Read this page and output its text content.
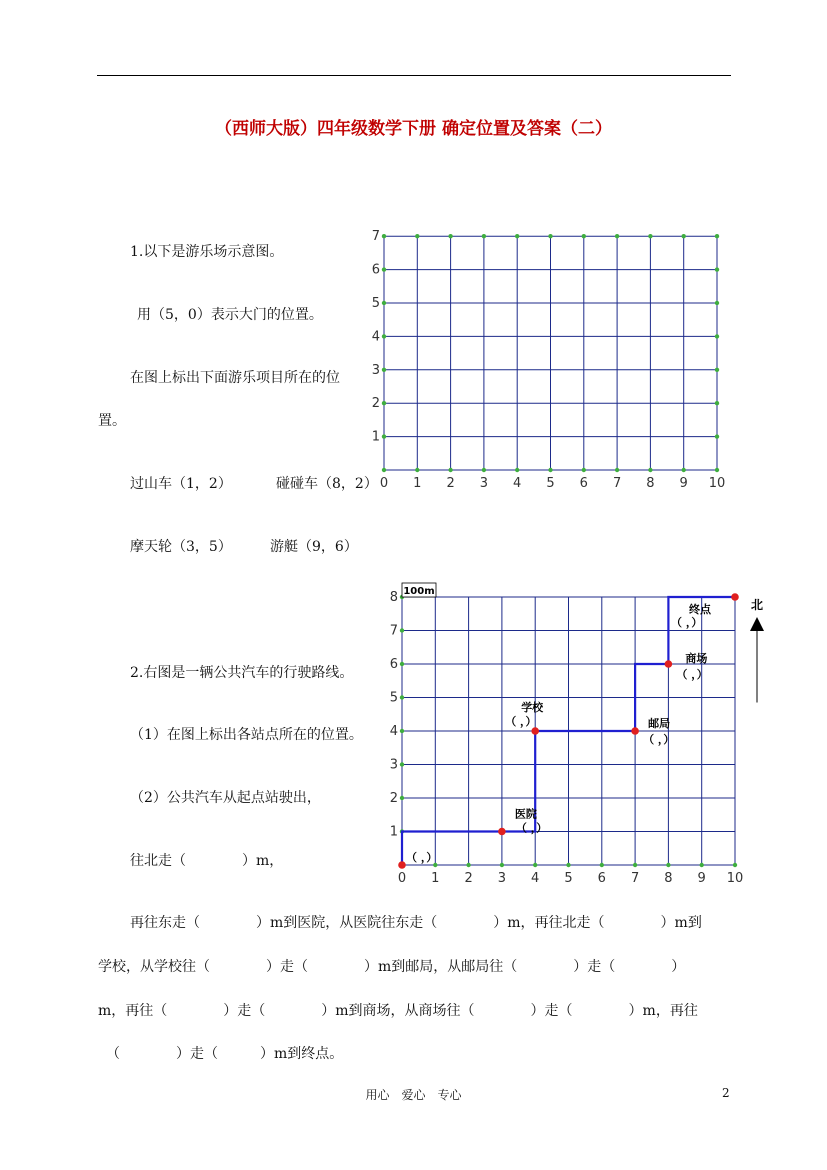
（西师大版）四年级数学下册 确定位置及答案（二）
1.以下是游乐场示意图。
用（5，0）表示大门的位置。
在图上标出下面游乐项目所在的位
置。
过山车（1，2）	碰碰车（8，2）
摩天轮（3，5）	游艇（9，6）
0 1 2 3 4 5 6 7 8 9 10
1
2
3
4
5
6
7
2.右图是一辆公共汽车的行驶路线。
（1）在图上标出各站点所在的位置。
（2）公共汽车从起点站驶出，
往北走（　　　　）m，
0 1 2 3 4 5 6 7 8 9 10
1
2
3
4
5
6
7
8 100m
北
（ ，）
医院
（ ，）
学校
（ ，）	邮局
（ ，）
商场
（ ，）
终点
（ ，）
再往东走（　　　　）m到医院，从医院往东走（　　　　）m，再往北走（　　　　）m到
学校，从学校往（　　　　）走（　　　　）m到邮局，从邮局往（　　　　）走（　　　　）
m，再往（　　　　）走（　　　　）m到商场，从商场往（　　　　）走（　　　　）m，再往
（　　　　）走（　　　）m到终点。
用心　爱心　专心	2
